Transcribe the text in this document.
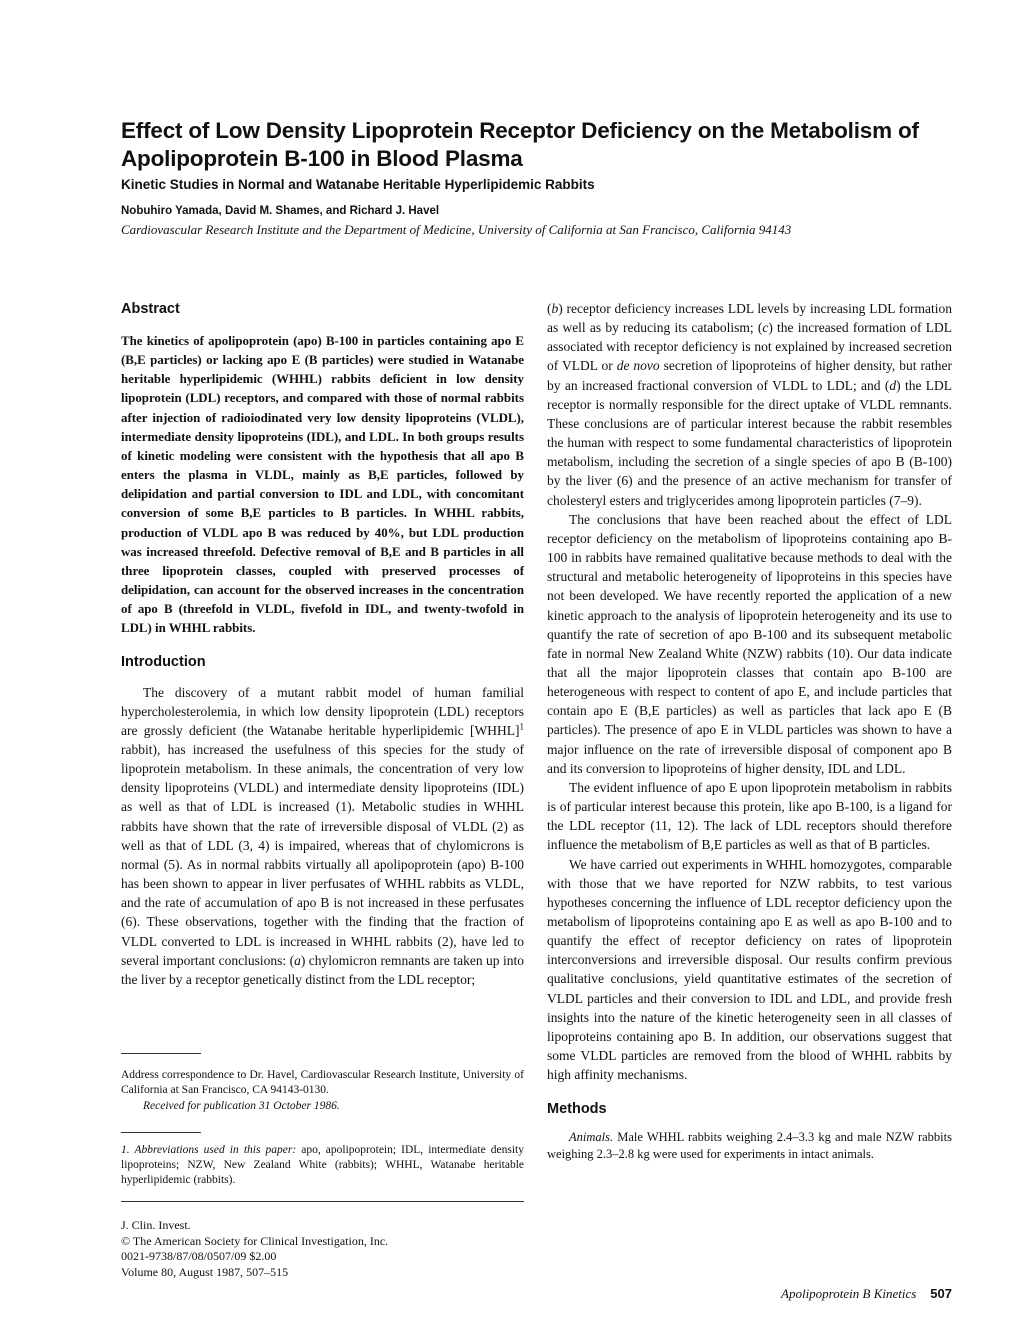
Effect of Low Density Lipoprotein Receptor Deficiency on the Metabolism of Apolipoprotein B-100 in Blood Plasma
Kinetic Studies in Normal and Watanabe Heritable Hyperlipidemic Rabbits
Nobuhiro Yamada, David M. Shames, and Richard J. Havel
Cardiovascular Research Institute and the Department of Medicine, University of California at San Francisco, California 94143
Abstract

The kinetics of apolipoprotein (apo) B-100 in particles containing apo E (B,E particles) or lacking apo E (B particles) were studied in Watanabe heritable hyperlipidemic (WHHL) rabbits deficient in low density lipoprotein (LDL) receptors, and compared with those of normal rabbits after injection of radioiodinated very low density lipoproteins (VLDL), intermediate density lipoproteins (IDL), and LDL. In both groups results of kinetic modeling were consistent with the hypothesis that all apo B enters the plasma in VLDL, mainly as B,E particles, followed by delipidation and partial conversion to IDL and LDL, with concomitant conversion of some B,E particles to B particles. In WHHL rabbits, production of VLDL apo B was reduced by 40%, but LDL production was increased threefold. Defective removal of B,E and B particles in all three lipoprotein classes, coupled with preserved processes of delipidation, can account for the observed increases in the concentration of apo B (threefold in VLDL, fivefold in IDL, and twenty-twofold in LDL) in WHHL rabbits.

Introduction

The discovery of a mutant rabbit model of human familial hypercholesterolemia, in which low density lipoprotein (LDL) receptors are grossly deficient (the Watanabe heritable hyperlipidemic [WHHL]$^1$ rabbit), has increased the usefulness of this species for the study of lipoprotein metabolism. In these animals, the concentration of very low density lipoproteins (VLDL) and intermediate density lipoproteins (IDL) as well as that of LDL is increased (1). Metabolic studies in WHHL rabbits have shown that the rate of irreversible disposal of VLDL (2) as well as that of LDL (3, 4) is impaired, whereas that of chylomicrons is normal (5). As in normal rabbits virtually all apolipoprotein (apo) B-100 has been shown to appear in liver perfusates of WHHL rabbits as VLDL, and the rate of accumulation of apo B is not increased in these perfusates (6). These observations, together with the finding that the fraction of VLDL converted to LDL is increased in WHHL rabbits (2), have led to several important conclusions: (a) chylomicron remnants are taken up into the liver by a receptor genetically distinct from the LDL receptor;

Address correspondence to Dr. Havel, Cardiovascular Research Institute, University of California at San Francisco, CA 94143-0130.

Received for publication 31 October 1986.

1. Abbreviations used in this paper: apo, apolipoprotein; IDL, intermediate density lipoproteins; NZW, New Zealand White (rabbits); WHHL, Watanabe heritable hyperlipidemic (rabbits).

J. Clin. Invest.
© The American Society for Clinical Investigation, Inc.
0021-9738/87/08/0507/09 $2.00
Volume 80, August 1987, 507–515

(b) receptor deficiency increases LDL levels by increasing LDL formation as well as by reducing its catabolism; (c) the increased formation of LDL associated with receptor deficiency is not explained by increased secretion of VLDL or de novo secretion of lipoproteins of higher density, but rather by an increased fractional conversion of VLDL to LDL; and (d) the LDL receptor is normally responsible for the direct uptake of VLDL remnants. These conclusions are of particular interest because the rabbit resembles the human with respect to some fundamental characteristics of lipoprotein metabolism, including the secretion of a single species of apo B (B-100) by the liver (6) and the presence of an active mechanism for transfer of cholesteryl esters and triglycerides among lipoprotein particles (7–9).

The conclusions that have been reached about the effect of LDL receptor deficiency on the metabolism of lipoproteins containing apo B-100 in rabbits have remained qualitative because methods to deal with the structural and metabolic heterogeneity of lipoproteins in this species have not been developed. We have recently reported the application of a new kinetic approach to the analysis of lipoprotein heterogeneity and its use to quantify the rate of secretion of apo B-100 and its subsequent metabolic fate in normal New Zealand White (NZW) rabbits (10). Our data indicate that all the major lipoprotein classes that contain apo B-100 are heterogeneous with respect to content of apo E, and include particles that contain apo E (B,E particles) as well as particles that lack apo E (B particles). The presence of apo E in VLDL particles was shown to have a major influence on the rate of irreversible disposal of component apo B and its conversion to lipoproteins of higher density, IDL and LDL.

The evident influence of apo E upon lipoprotein metabolism in rabbits is of particular interest because this protein, like apo B-100, is a ligand for the LDL receptor (11, 12). The lack of LDL receptors should therefore influence the metabolism of B,E particles as well as that of B particles.

We have carried out experiments in WHHL homozygotes, comparable with those that we have reported for NZW rabbits, to test various hypotheses concerning the influence of LDL receptor deficiency upon the metabolism of lipoproteins containing apo E as well as apo B-100 and to quantify the effect of receptor deficiency on rates of lipoprotein interconversions and irreversible disposal. Our results confirm previous qualitative conclusions, yield quantitative estimates of the secretion of VLDL particles and their conversion to IDL and LDL, and provide fresh insights into the nature of the kinetic heterogeneity seen in all classes of lipoproteins containing apo B. In addition, our observations suggest that some VLDL particles are removed from the blood of WHHL rabbits by high affinity mechanisms.

Methods

Animals. Male WHHL rabbits weighing 2.4–3.3 kg and male NZW rabbits weighing 2.3–2.8 kg were used for experiments in intact animals.

Apolipoprotein B Kinetics 507
